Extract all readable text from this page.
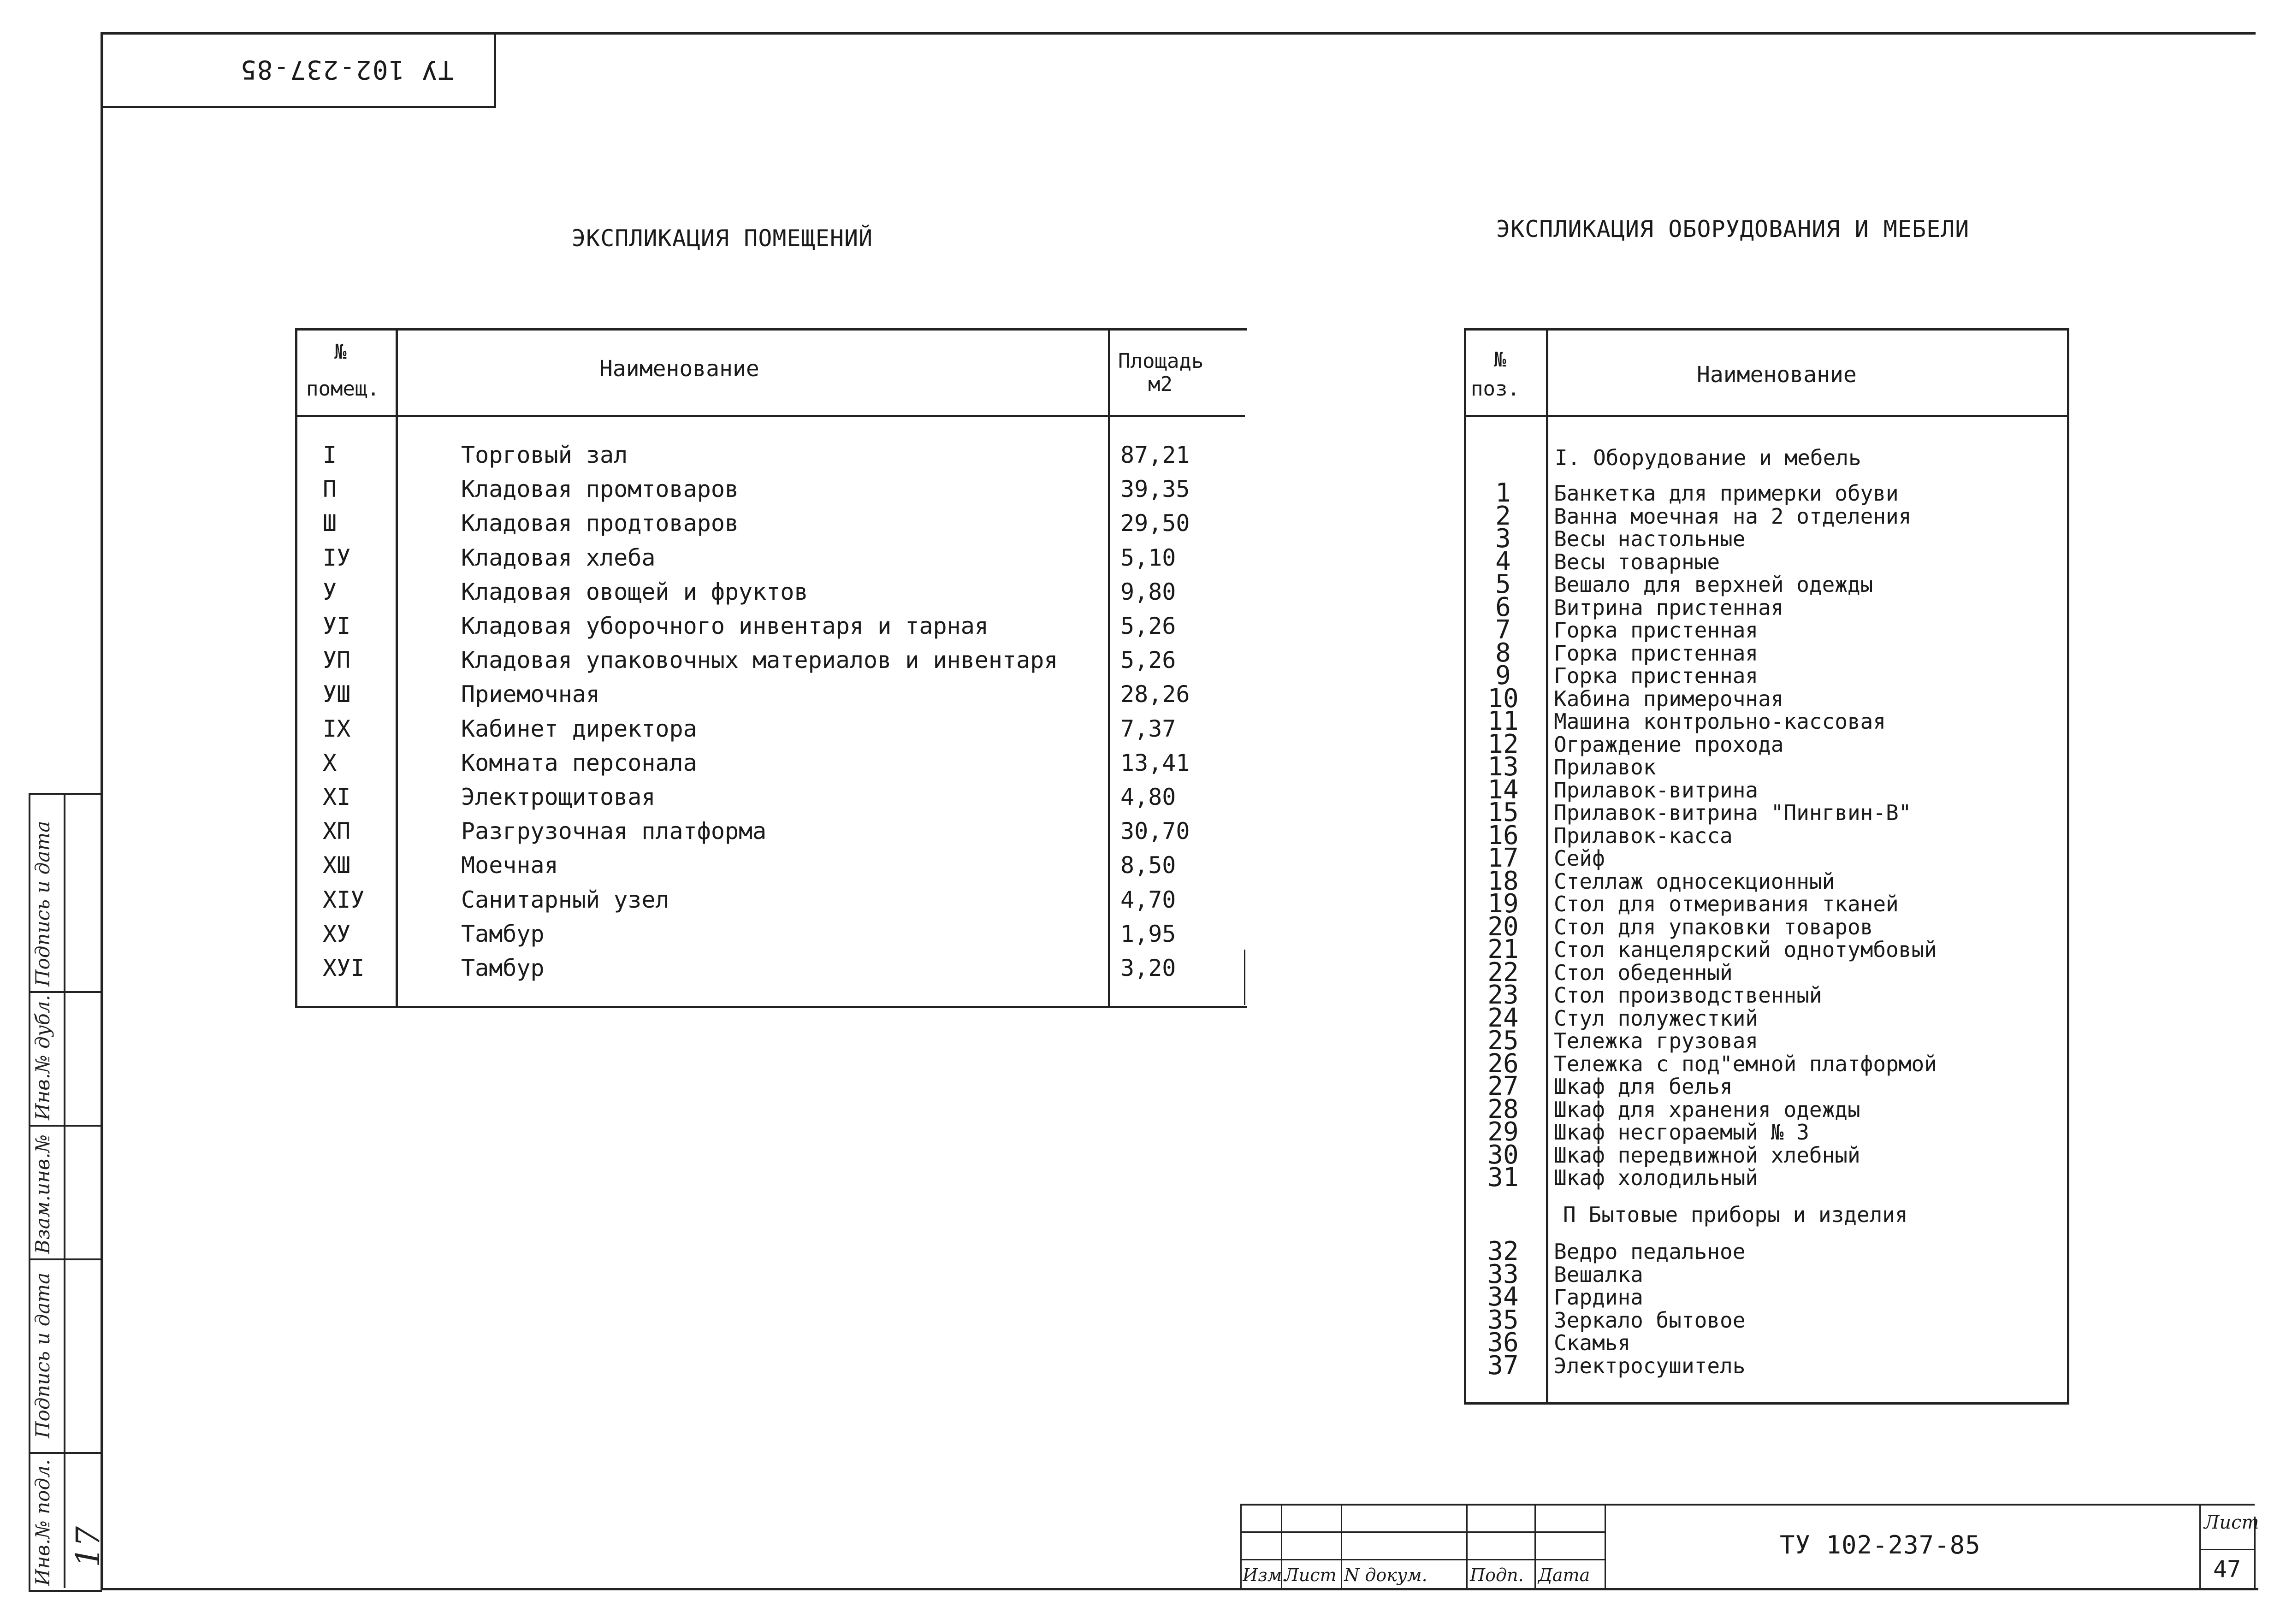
ТУ 102-237-85
ЭКСПЛИКАЦИЯ ПОМЕЩЕНИЙ	ЭКСПЛИКАЦИЯ ОБОРУДОВАНИЯ И МЕБЕЛИ
№
помещ.
Наименование	Площадь
м2
I	Торговый зал	87,21
П	Кладовая промтоваров	39,35
Ш	Кладовая продтоваров	29,50
IУ	Кладовая хлеба	5,10
У	Кладовая овощей и фруктов	9,80
УI	Кладовая уборочного инвентаря и тарная	5,26
УП	Кладовая упаковочных материалов и инвентаря	5,26
УШ	Приемочная	28,26
IX	Кабинет директора	7,37
X	Комната персонала	13,41
XI	Электрощитовая	4,80
XП	Разгрузочная платформа	30,70
XШ	Моечная	8,50
XIУ	Санитарный узел	4,70
XУ	Тамбур	1,95
XУI	Тамбур	3,20
№
поз.
Наименование
I. Оборудование и мебель
П Бытовые приборы и изделия
1	Банкетка для примерки обуви
2	Ванна моечная на 2 отделения
3	Весы настольные
4	Весы товарные
5	Вешало для верхней одежды
6	Витрина пристенная
7	Горка пристенная
8	Горка пристенная
9	Горка пристенная
10	Кабина примерочная
11	Машина контрольно-кассовая
12	Ограждение прохода
13	Прилавок
14	Прилавок-витрина
15	Прилавок-витрина "Пингвин-В"
16	Прилавок-касса
17	Сейф
18	Стеллаж односекционный
19	Стол для отмеривания тканей
20	Стол для упаковки товаров
21	Стол канцелярский однотумбовый
22	Стол обеденный
23	Стол производственный
24	Стул полужесткий
25	Тележка грузовая
26	Тележка с под"емной платформой
27	Шкаф для белья
28	Шкаф для хранения одежды
29	Шкаф несгораемый № 3
30	Шкаф передвижной хлебный
31	Шкаф холодильный
32	Ведро педальное
33	Вешалка
34	Гардина
35	Зеркало бытовое
36	Скамья
37	Электросушитель
Инв.№ подл.
Подпись и дата
Взам.инв.№
Инв.№ дубл.
Подпись и дата
17
Изм.
Лист N докум. Подп. Дата
ТУ 102-237-85
Лист
47
